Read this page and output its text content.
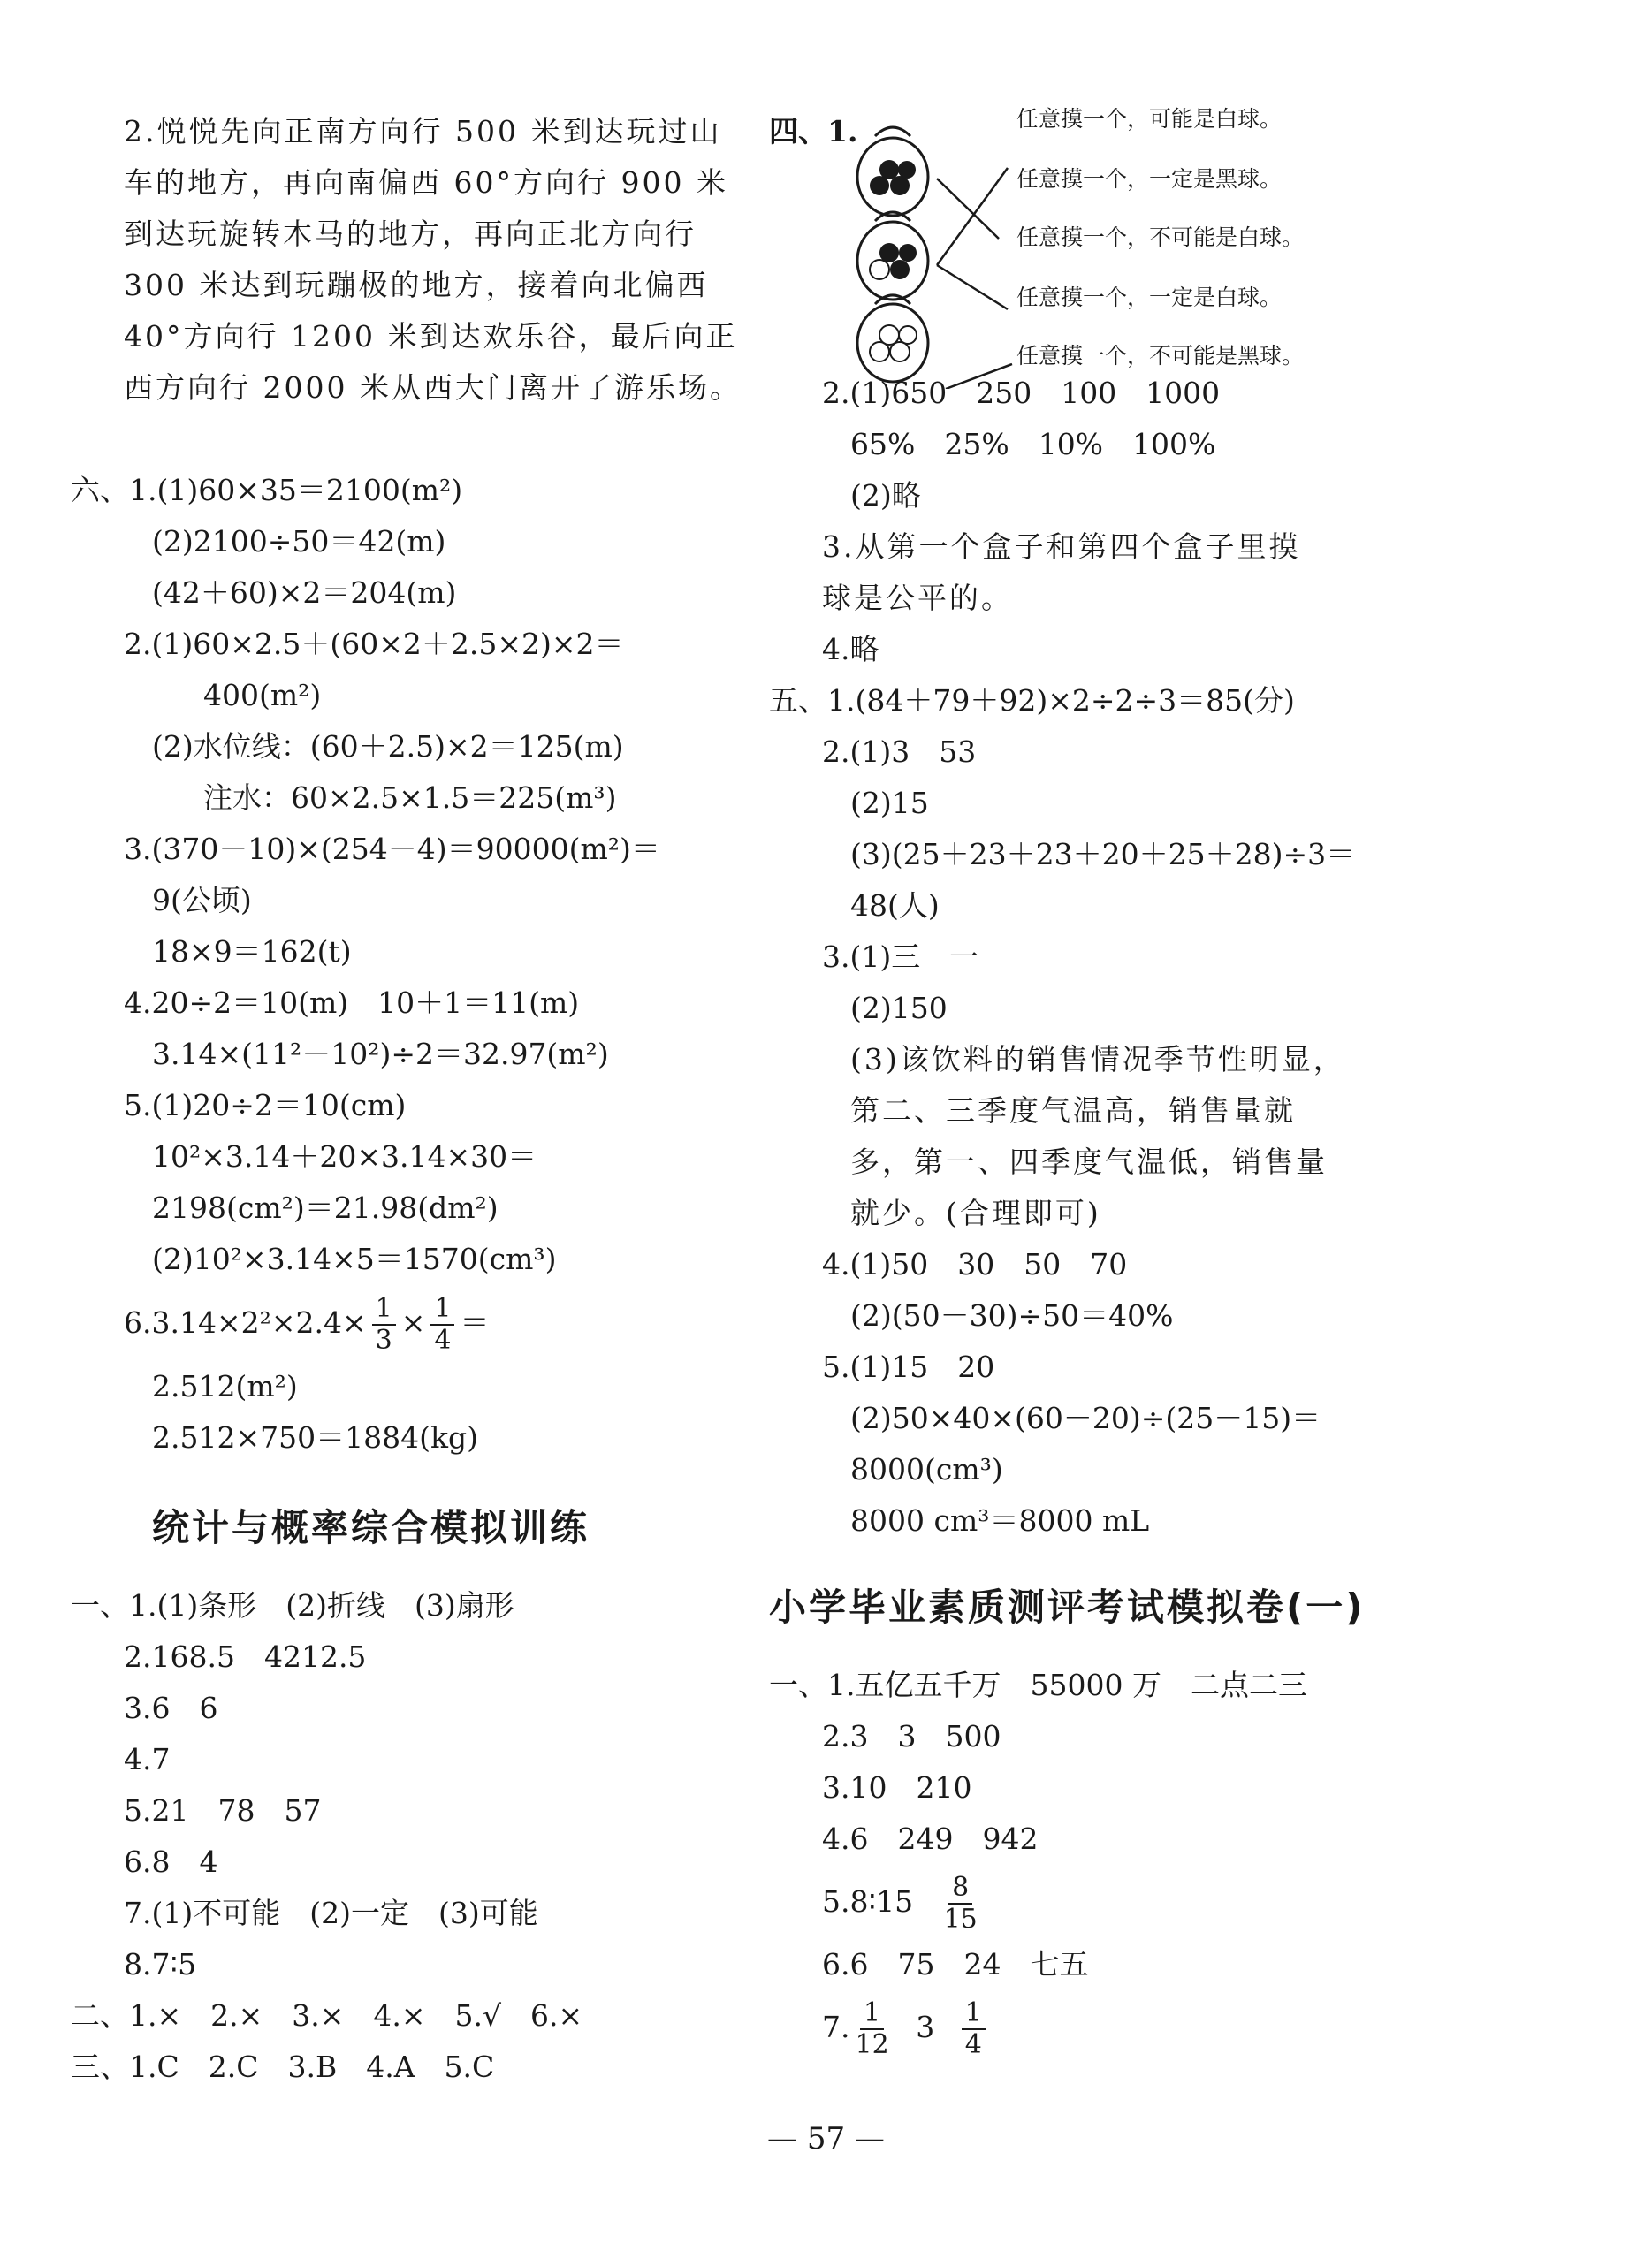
2.悦悦先向正南方向行 500 米到达玩过山车的地方，再向南偏西 60°方向行 900 米到达玩旋转木马的地方，再向正北方向行 300 米达到玩蹦极的地方，接着向北偏西 40°方向行 1200 米到达欢乐谷，最后向正西方向行 2000 米从西大门离开了游乐场。
六、1.(1)60×35＝2100(m²)
(2)2100÷50＝42(m)
(42＋60)×2＝204(m)
2.(1)60×2.5＋(60×2＋2.5×2)×2＝
400(m²)
(2)水位线：(60＋2.5)×2＝125(m)
注水：60×2.5×1.5＝225(m³)
3.(370－10)×(254－4)＝90000(m²)＝
9(公顷)
18×9＝162(t)
4.20÷2＝10(m)　10＋1＝11(m)
3.14×(11²－10²)÷2＝32.97(m²)
5.(1)20÷2＝10(cm)
10²×3.14＋20×3.14×30＝
2198(cm²)＝21.98(dm²)
(2)10²×3.14×5＝1570(cm³)
$6.3.14\times 2^2\times 2.4\times \frac{1}{3} \times \frac{1}{4}$ ＝
2.512(m²)
2.512×750＝1884(kg)
统计与概率综合模拟训练
一、1.(1)条形　(2)折线　(3)扇形
2.168.5　4212.5
3.6　6
4.7
5.21　78　57
6.8　4
7.(1)不可能　(2)一定　(3)可能
8.7∶5
二、1.×　2.×　3.×　4.×　5.√　6.×
三、1.C　2.C　3.B　4.A　5.C
四、1.	任意摸一个，可能是白球。
任意摸一个，一定是黑球。
任意摸一个，不可能是白球。
任意摸一个，一定是白球。
任意摸一个，不可能是黑球。
2.(1)650　250　100　1000
65%　25%　10%　100%
(2)略
3.从第一个盒子和第四个盒子里摸球是公平的。
4.略
五、1.(84＋79＋92)×2÷2÷3＝85(分)
2.(1)3　53
(2)15
(3)(25＋23＋23＋20＋25＋28)÷3＝
48(人)
3.(1)三　一
(2)150
(3)该饮料的销售情况季节性明显，第二、三季度气温高，销售量就多，第一、四季度气温低，销售量就少。(合理即可)
4.(1)50　30　50　70
(2)(50－30)÷50＝40%
5.(1)15　20
(2)50×40×(60－20)÷(25－15)＝
8000(cm³)
8000 cm³＝8000 mL
小学毕业素质测评考试模拟卷(一)
一、1.五亿五千万　55000 万　二点二三
2.3　3　500
3.10　210
4.6　249　942
5.8∶15 $\frac{8}{15}$
6.6　75　24　七五
7. $\frac{1}{12} 3 \frac{1}{4}$
— 57 —
